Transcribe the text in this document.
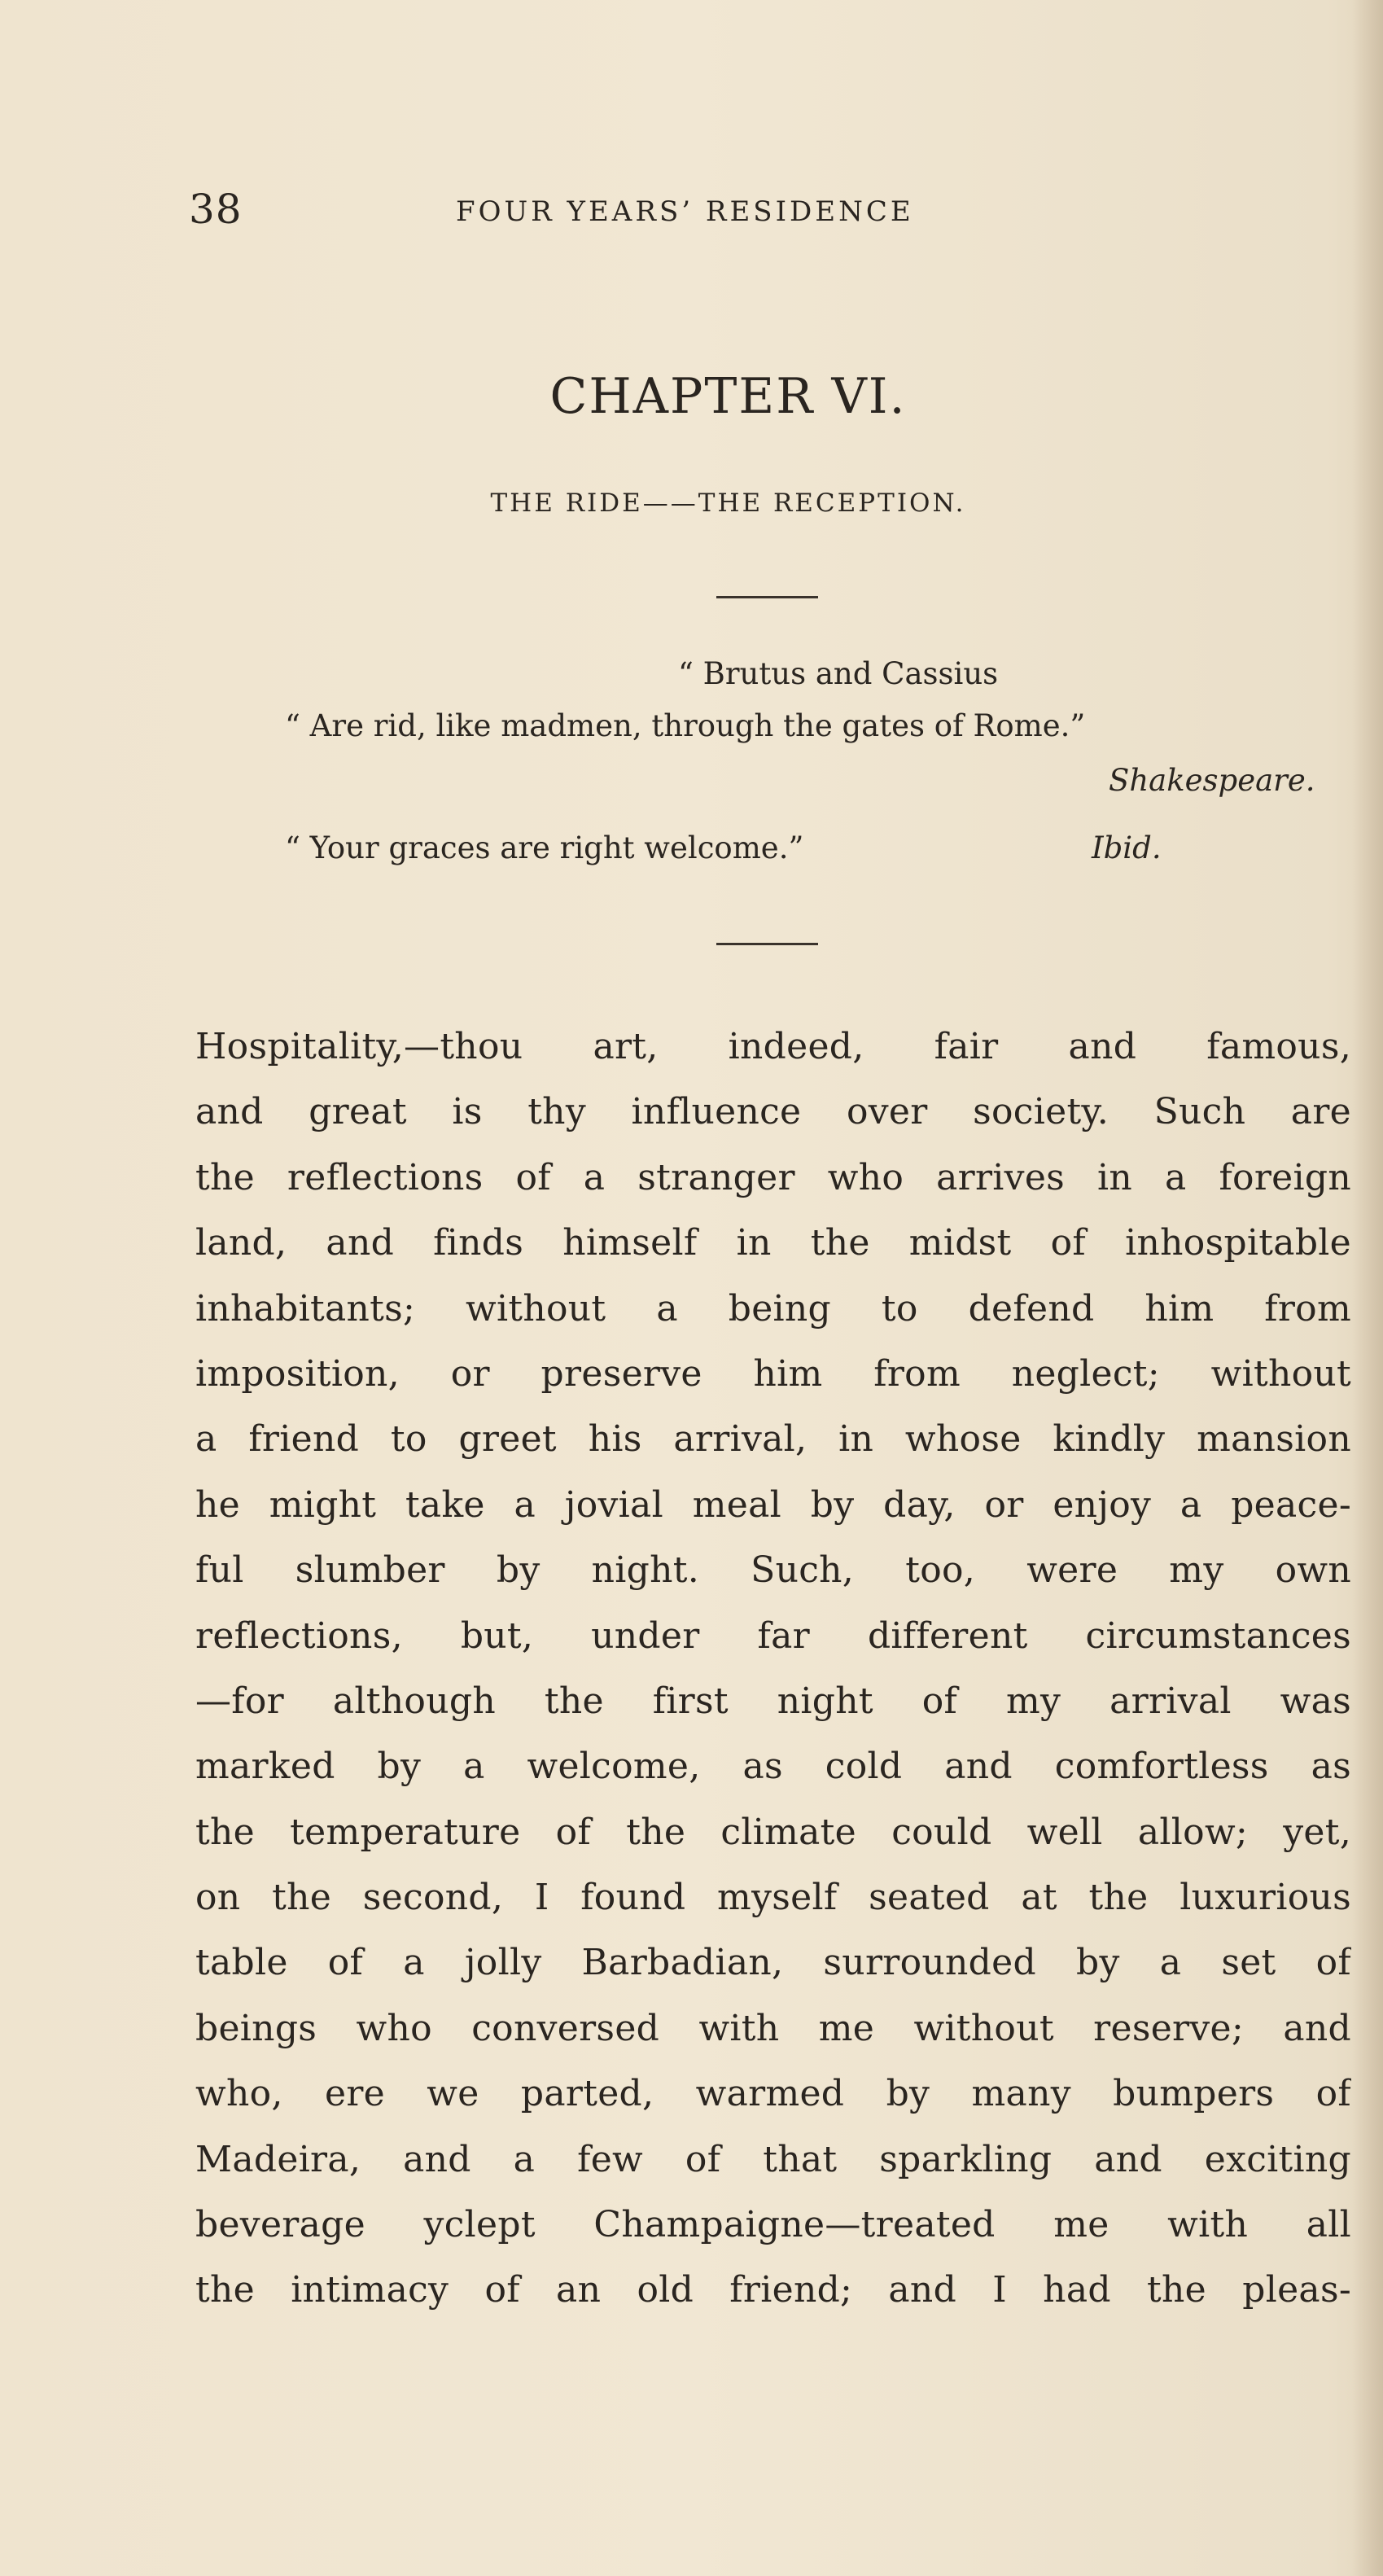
38	FOUR YEARS’ RESIDENCE
CHAPTER VI.
THE RIDE——THE RECEPTION.
“ Brutus and Cassius
“ Are rid, like madmen, through the gates of Rome.”
Shakespeare.
“ Your graces are right welcome.”	Ibid.
Hospitality,—thou art, indeed, fair and famous,
and great is thy influence over society. Such are
the reflections of a stranger who arrives in a foreign
land, and finds himself in the midst of inhospitable
inhabitants; without a being to defend him from
imposition, or preserve him from neglect; without
a friend to greet his arrival, in whose kindly mansion
he might take a jovial meal by day, or enjoy a peace-
ful slumber by night. Such, too, were my own
reflections, but, under far different circumstances
—for although the first night of my arrival was
marked by a welcome, as cold and comfortless as
the temperature of the climate could well allow; yet,
on the second, I found myself seated at the luxurious
table of a jolly Barbadian, surrounded by a set of
beings who conversed with me without reserve; and
who, ere we parted, warmed by many bumpers of
Madeira, and a few of that sparkling and exciting
beverage yclept Champaigne—treated me with all
the intimacy of an old friend; and I had the pleas-
